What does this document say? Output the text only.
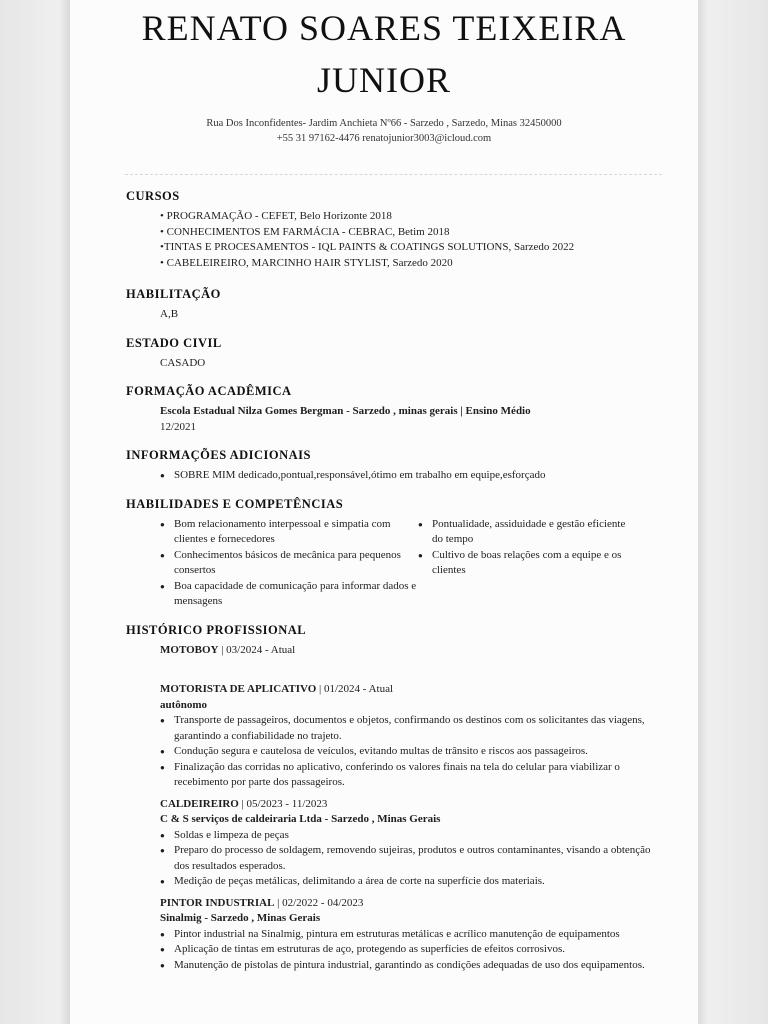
RENATO SOARES TEIXEIRA
JUNIOR
Rua Dos Inconfidentes- Jardim Anchieta Nº66 - Sarzedo , Sarzedo, Minas 32450000
+55 31 97162-4476 renatojunior3003@icloud.com
CURSOS
• PROGRAMAÇÃO - CEFET, Belo Horizonte 2018
• CONHECIMENTOS EM FARMÁCIA - CEBRAC, Betim 2018
•TINTAS E PROCESAMENTOS - IQL PAINTS & COATINGS SOLUTIONS, Sarzedo 2022
• CABELEIREIRO, MARCINHO HAIR STYLIST, Sarzedo 2020
HABILITAÇÃO
A,B
ESTADO CIVIL
CASADO
FORMAÇÃO ACADÊMICA
Escola Estadual Nilza Gomes Bergman - Sarzedo , minas gerais | Ensino Médio
12/2021
INFORMAÇÕES ADICIONAIS
● SOBRE MIM dedicado,pontual,responsável,ótimo em trabalho em equipe,esforçado
HABILIDADES E COMPETÊNCIAS
● Bom relacionamento interpessoal e simpatia com clientes e fornecedores
● Conhecimentos básicos de mecânica para pequenos consertos
● Boa capacidade de comunicação para informar dados e mensagens
● Pontualidade, assiduidade e gestão eficiente do tempo
● Cultivo de boas relações com a equipe e os clientes
HISTÓRICO PROFISSIONAL
MOTOBOY | 03/2024 - Atual
MOTORISTA DE APLICATIVO | 01/2024 - Atual
autônomo
● Transporte de passageiros, documentos e objetos, confirmando os destinos com os solicitantes das viagens, garantindo a confiabilidade no trajeto.
● Condução segura e cautelosa de veículos, evitando multas de trânsito e riscos aos passageiros.
● Finalização das corridas no aplicativo, conferindo os valores finais na tela do celular para viabilizar o recebimento por parte dos passageiros.
CALDEIREIRO | 05/2023 - 11/2023
C & S serviços de caldeiraria Ltda - Sarzedo , Minas Gerais
● Soldas e limpeza de peças
● Preparo do processo de soldagem, removendo sujeiras, produtos e outros contaminantes, visando a obtenção dos resultados esperados.
● Medição de peças metálicas, delimitando a área de corte na superfície dos materiais.
PINTOR INDUSTRIAL | 02/2022 - 04/2023
Sinalmig - Sarzedo , Minas Gerais
● Pintor industrial na Sinalmig, pintura em estruturas metálicas e acrílico manutenção de equipamentos
● Aplicação de tintas em estruturas de aço, protegendo as superfícies de efeitos corrosivos.
● Manutenção de pistolas de pintura industrial, garantindo as condições adequadas de uso dos equipamentos.
